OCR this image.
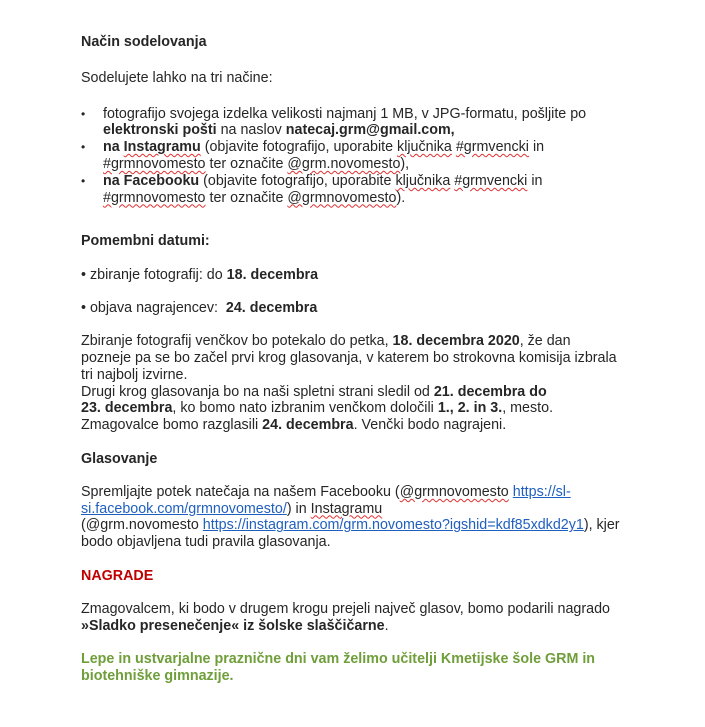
Način sodelovanja
Sodelujete lahko na tri načine:
• fotografijo svojega izdelka velikosti najmanj 1 MB, v JPG-formatu, pošljite po
elektronski pošti na naslov natecaj.grm@gmail.com,
• na Instagramu (objavite fotografijo, uporabite ključnika #grmvencki in
#grmnovomesto ter označite @grm.novomesto),
• na Facebooku (objavite fotografijo, uporabite ključnika #grmvencki in
#grmnovomesto ter označite @grmnovomesto).
Pomembni datumi:
• zbiranje fotografij: do 18. decembra
• objava nagrajencev:  24. decembra
Zbiranje fotografij venčkov bo potekalo do petka, 18. decembra 2020, že dan
pozneje pa se bo začel prvi krog glasovanja, v katerem bo strokovna komisija izbrala
tri najbolj izvirne.
Drugi krog glasovanja bo na naši spletni strani sledil od 21. decembra do
23. decembra, ko bomo nato izbranim venčkom določili 1., 2. in 3., mesto.
Zmagovalce bomo razglasili 24. decembra. Venčki bodo nagrajeni.
Glasovanje
Spremljajte potek natečaja na našem Facebooku (@grmnovomesto https://sl-
si.facebook.com/grmnovomesto/) in Instagramu
(@grm.novomesto https://instagram.com/grm.novomesto?igshid=kdf85xdkd2y1), kjer
bodo objavljena tudi pravila glasovanja.
NAGRADE
Zmagovalcem, ki bodo v drugem krogu prejeli največ glasov, bomo podarili nagrado
»Sladko presenečenje« iz šolske slaščičarne.
Lepe in ustvarjalne praznične dni vam želimo učitelji Kmetijske šole GRM in
biotehniške gimnazije.
